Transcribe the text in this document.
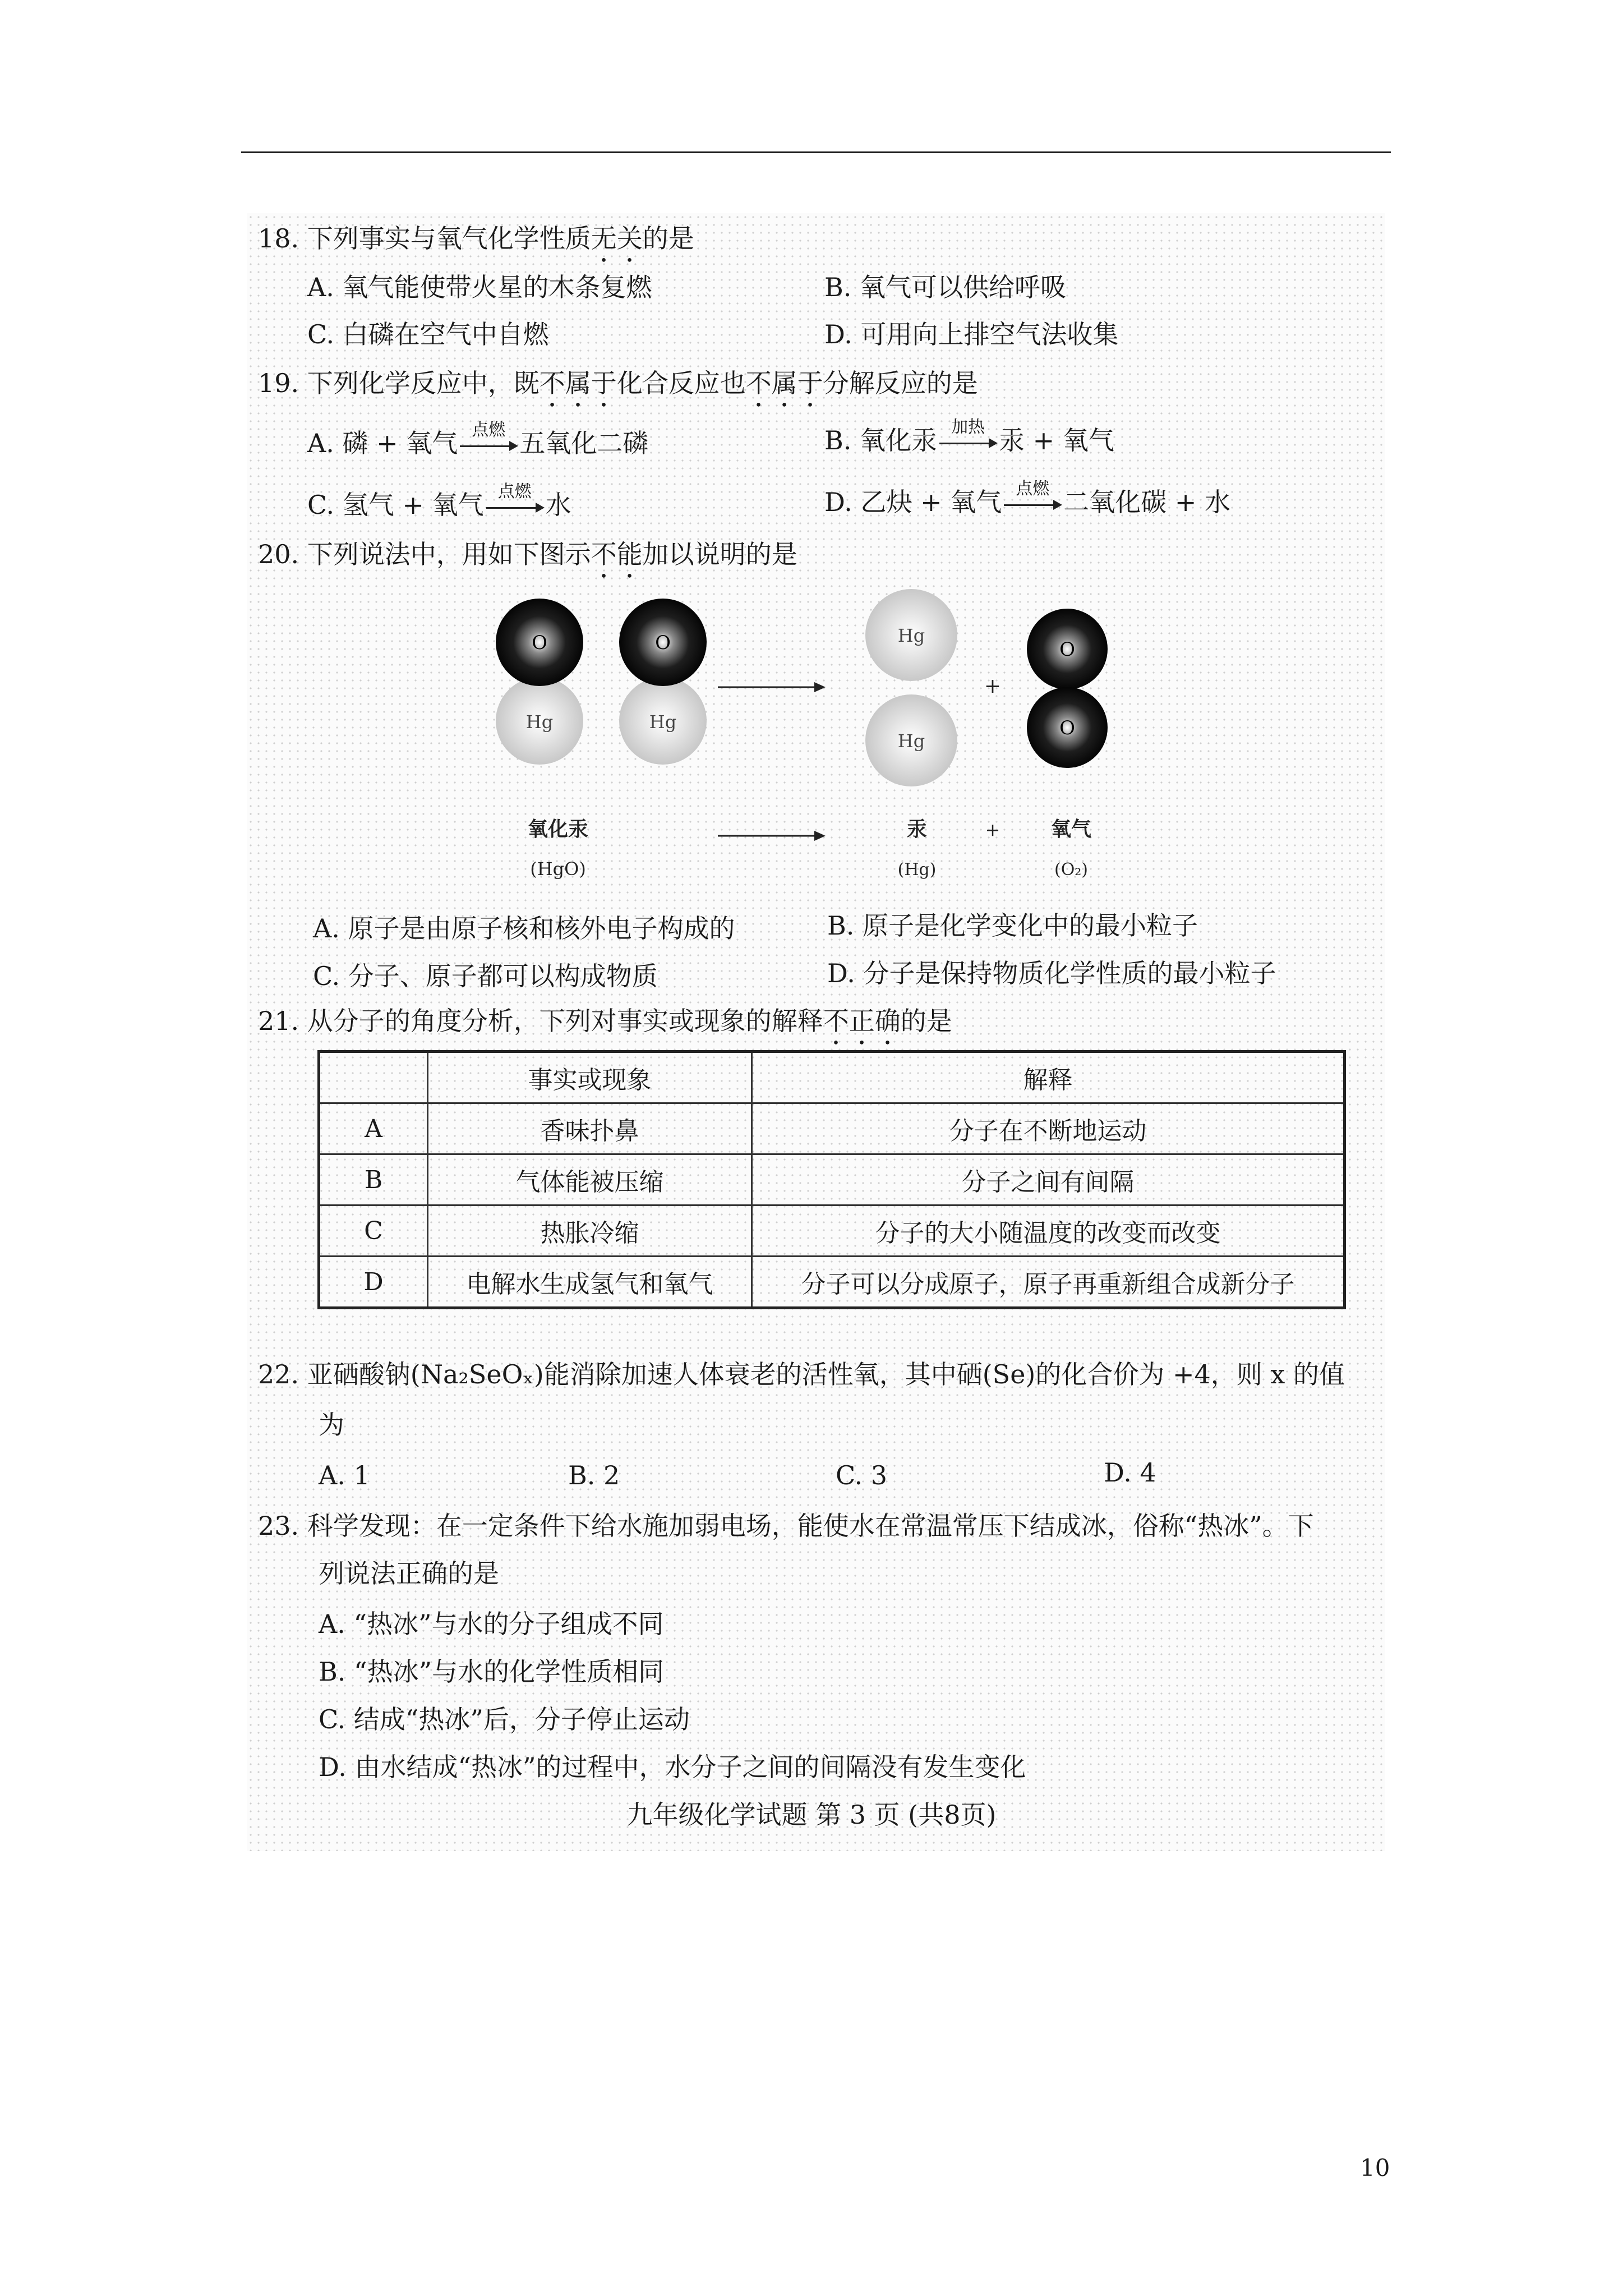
18. 下列事实与氧气化学性质无关的是
A. 氧气能使带火星的木条复燃	B. 氧气可以供给呼吸
C. 白磷在空气中自燃	D. 可用向上排空气法收集
19. 下列化学反应中，既不属于化合反应也不属于分解反应的是
A. 磷 + 氧气 点燃 五氧化二磷	B. 氧化汞 加热 汞 + 氧气
C. 氢气 + 氧气 点燃 水	D. 乙炔 + 氧气 点燃 二氧化碳 + 水
20. 下列说法中，用如下图示不能加以说明的是
O
Hg
O
Hg
Hg
Hg
+
O
O
氧化汞
(HgO)
汞
(Hg)
+	氧气
(O₂)
A. 原子是由原子核和核外电子构成的	B. 原子是化学变化中的最小粒子
C. 分子、原子都可以构成物质	D. 分子是保持物质化学性质的最小粒子
21. 从分子的角度分析，下列对事实或现象的解释不正确的是
	事实或现象	解释
A	香味扑鼻	分子在不断地运动
B	气体能被压缩	分子之间有间隔
C	热胀冷缩	分子的大小随温度的改变而改变
D	电解水生成氢气和氧气	分子可以分成原子，原子再重新组合成新分子
22. 亚硒酸钠(Na₂SeOₓ)能消除加速人体衰老的活性氧，其中硒(Se)的化合价为 +4，则 x 的值
为
A. 1	B. 2	C. 3	D. 4
23. 科学发现：在一定条件下给水施加弱电场，能使水在常温常压下结成冰，俗称“热冰”。下
列说法正确的是
A. “热冰”与水的分子组成不同
B. “热冰”与水的化学性质相同
C. 结成“热冰”后，分子停止运动
D. 由水结成“热冰”的过程中，水分子之间的间隔没有发生变化
九年级化学试题 第 3 页 (共8页)
10
